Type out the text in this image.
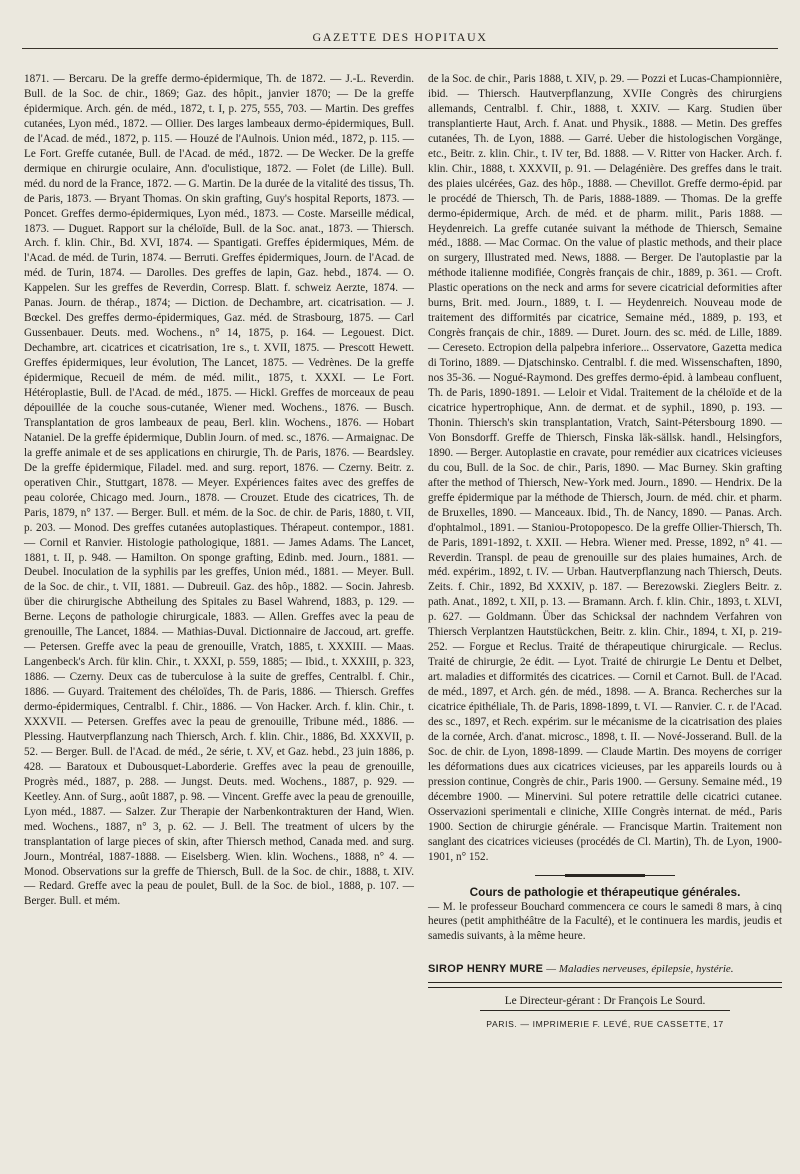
GAZETTE DES HOPITAUX

1871. — Bercaru. De la greffe dermo-épidermique, Th. de 1872. — J.-L. Reverdin. Bull. de la Soc. de chir., 1869; Gaz. des hôpit., janvier 1870; — De la greffe épidermique. Arch. gén. de méd., 1872, t. I, p. 275, 555, 703. — Martin. Des greffes cutanées, Lyon méd., 1872. — Ollier. Des larges lambeaux dermo-épidermiques, Bull. de l'Acad. de méd., 1872, p. 115. — Houzé de l'Aulnois. Union méd., 1872, p. 115. — Le Fort. Greffe cutanée, Bull. de l'Acad. de méd., 1872. — De Wecker. De la greffe dermique en chirurgie oculaire, Ann. d'oculistique, 1872. — Folet (de Lille). Bull. méd. du nord de la France, 1872. — G. Martin. De la durée de la vitalité des tissus, Th. de Paris, 1873. — Bryant Thomas. On skin grafting, Guy's hospital Reports, 1873. — Poncet. Greffes dermo-épidermiques, Lyon méd., 1873. — Coste. Marseille médical, 1873. — Duguet. Rapport sur la chéloïde, Bull. de la Soc. anat., 1873. — Thiersch. Arch. f. klin. Chir., Bd. XVI, 1874. — Spantigati. Greffes épidermiques, Mém. de l'Acad. de méd. de Turin, 1874. — Berruti. Greffes épidermiques, Journ. de l'Acad. de méd. de Turin, 1874. — Darolles. Des greffes de lapin, Gaz. hebd., 1874. — O. Kappelen. Sur les greffes de Reverdin, Corresp. Blatt. f. schweiz Aerzte, 1874. — Panas. Journ. de thérap., 1874; — Diction. de Dechambre, art. cicatrisation. — J. Bœckel. Des greffes dermo-épidermiques, Gaz. méd. de Strasbourg, 1875. — Carl Gussenbauer. Deuts. med. Wochens., n° 14, 1875, p. 164. — Legouest. Dict. Dechambre, art. cicatrices et cicatrisation, 1re s., t. XVII, 1875. — Prescott Hewett. Greffes épidermiques, leur évolution, The Lancet, 1875. — Vedrènes. De la greffe épidermique, Recueil de mém. de méd. milit., 1875, t. XXXI. — Le Fort. Hétéroplastie, Bull. de l'Acad. de méd., 1875. — Hickl. Greffes de morceaux de peau dépouillée de la couche sous-cutanée, Wiener med. Wochens., 1876. — Busch. Transplantation de gros lambeaux de peau, Berl. klin. Wochens., 1876. — Hobart Nataniel. De la greffe épidermique, Dublin Journ. of med. sc., 1876. — Armaignac. De la greffe animale et de ses applications en chirurgie, Th. de Paris, 1876. — Beardsley. De la greffe épidermique, Filadel. med. and surg. report, 1876. — Czerny. Beitr. z. operativen Chir., Stuttgart, 1878. — Meyer. Expériences faites avec des greffes de peau colorée, Chicago med. Journ., 1878. — Crouzet. Etude des cicatrices, Th. de Paris, 1879, n° 137. — Berger. Bull. et mém. de la Soc. de chir. de Paris, 1880, t. VII, p. 203. — Monod. Des greffes cutanées autoplastiques. Thérapeut. contempor., 1881. — Cornil et Ranvier. Histologie pathologique, 1881. — James Adams. The Lancet, 1881, t. II, p. 948. — Hamilton. On sponge grafting, Edinb. med. Journ., 1881. — Deubel. Inoculation de la syphilis par les greffes, Union méd., 1881. — Meyer. Bull. de la Soc. de chir., t. VII, 1881. — Dubreuil. Gaz. des hôp., 1882. — Socin. Jahresb. über die chirurgische Abtheilung des Spitales zu Basel Wahrend, 1883, p. 129. — Berne. Leçons de pathologie chirurgicale, 1883. — Allen. Greffes avec la peau de grenouille, The Lancet, 1884. — Mathias-Duval. Dictionnaire de Jaccoud, art. greffe. — Petersen. Greffe avec la peau de grenouille, Vratch, 1885, t. XXXIII. — Maas. Langenbeck's Arch. für klin. Chir., t. XXXI, p. 559, 1885; — Ibid., t. XXXIII, p. 323, 1886. — Czerny. Deux cas de tuberculose à la suite de greffes, Centralbl. f. Chir., 1886. — Guyard. Traitement des chéloïdes, Th. de Paris, 1886. — Thiersch. Greffes dermo-épidermiques, Centralbl. f. Chir., 1886. — Von Hacker. Arch. f. klin. Chir., t. XXXVII. — Petersen. Greffes avec la peau de grenouille, Tribune méd., 1886. — Plessing. Hautverpflanzung nach Thiersch, Arch. f. klin. Chir., 1886, Bd. XXXVII, p. 52. — Berger. Bull. de l'Acad. de méd., 2e série, t. XV, et Gaz. hebd., 23 juin 1886, p. 428. — Baratoux et Dubousquet-Laborderie. Greffes avec la peau de grenouille, Progrès méd., 1887, p. 288. — Jungst. Deuts. med. Wochens., 1887, p. 929. — Keetley. Ann. of Surg., août 1887, p. 98. — Vincent. Greffe avec la peau de grenouille, Lyon méd., 1887. — Salzer. Zur Therapie der Narbenkontrakturen der Hand, Wien. med. Wochens., 1887, n° 3, p. 62. — J. Bell. The treatment of ulcers by the transplantation of large pieces of skin, after Thiersch method, Canada med. and surg. Journ., Montréal, 1887-1888. — Eiselsberg. Wien. klin. Wochens., 1888, n° 4. — Monod. Observations sur la greffe de Thiersch, Bull. de la Soc. de chir., 1888, t. XIV. — Redard. Greffe avec la peau de poulet, Bull. de la Soc. de biol., 1888, p. 107. — Berger. Bull. et mém.

de la Soc. de chir., Paris 1888, t. XIV, p. 29. — Pozzi et Lucas-Championnière, ibid. — Thiersch. Hautverpflanzung, XVIIe Congrès des chirurgiens allemands, Centralbl. f. Chir., 1888, t. XXIV. — Karg. Studien über transplantierte Haut, Arch. f. Anat. und Physik., 1888. — Metin. Des greffes cutanées, Th. de Lyon, 1888. — Garré. Ueber die histologischen Vorgänge, etc., Beitr. z. klin. Chir., t. IV ter, Bd. 1888. — V. Ritter von Hacker. Arch. f. klin. Chir., 1888, t. XXXVII, p. 91. — Delagénière. Des greffes dans le trait. des plaies ulcérées, Gaz. des hôp., 1888. — Chevillot. Greffe dermo-épid. par le procédé de Thiersch, Th. de Paris, 1888-1889. — Thomas. De la greffe dermo-épidermique, Arch. de méd. et de pharm. milit., Paris 1888. — Heydenreich. La greffe cutanée suivant la méthode de Thiersch, Semaine méd., 1888. — Mac Cormac. On the value of plastic methods, and their place on surgery, Illustrated med. News, 1888. — Berger. De l'autoplastie par la méthode italienne modifiée, Congrès français de chir., 1889, p. 361. — Croft. Plastic operations on the neck and arms for severe cicatricial deformities after burns, Brit. med. Journ., 1889, t. I. — Heydenreich. Nouveau mode de traitement des difformités par cicatrice, Semaine méd., 1889, p. 193, et Congrès français de chir., 1889. — Duret. Journ. des sc. méd. de Lille, 1889. — Cereseto. Ectropion della palpebra inferiore... Osservatore, Gazetta medica di Torino, 1889. — Djatschinsko. Centralbl. f. die med. Wissenschaften, 1890, nos 35-36. — Nogué-Raymond. Des greffes dermo-épid. à lambeau confluent, Th. de Paris, 1890-1891. — Leloir et Vidal. Traitement de la chéloïde et de la cicatrice hypertrophique, Ann. de dermat. et de syphil., 1890, p. 193. — Thonin. Thiersch's skin transplantation, Vratch, Saint-Pétersbourg 1890. — Von Bonsdorff. Greffe de Thiersch, Finska läk-sällsk. handl., Helsingfors, 1890. — Berger. Autoplastie en cravate, pour remédier aux cicatrices vicieuses du cou, Bull. de la Soc. de chir., Paris, 1890. — Mac Burney. Skin grafting after the method of Thiersch, New-York med. Journ., 1890. — Hendrix. De la greffe épidermique par la méthode de Thiersch, Journ. de méd. chir. et pharm. de Bruxelles, 1890. — Manceaux. Ibid., Th. de Nancy, 1890. — Panas. Arch. d'ophtalmol., 1891. — Staniou-Protopopesco. De la greffe Ollier-Thiersch, Th. de Paris, 1891-1892, t. XXII. — Hebra. Wiener med. Presse, 1892, n° 41. — Reverdin. Transpl. de peau de grenouille sur des plaies humaines, Arch. de méd. expérim., 1892, t. IV. — Urban. Hautverpflanzung nach Thiersch, Deuts. Zeits. f. Chir., 1892, Bd XXXIV, p. 187. — Berezowski. Zieglers Beitr. z. path. Anat., 1892, t. XII, p. 13. — Bramann. Arch. f. klin. Chir., 1893, t. XLVI, p. 627. — Goldmann. Über das Schicksal der nachndem Verfahren von Thiersch Verplantzen Hautstückchen, Beitr. z. klin. Chir., 1894, t. XI, p. 219-252. — Forgue et Reclus. Traité de thérapeutique chirurgicale. — Reclus. Traité de chirurgie, 2e édit. — Lyot. Traité de chirurgie Le Dentu et Delbet, art. maladies et difformités des cicatrices. — Cornil et Carnot. Bull. de l'Acad. de méd., 1897, et Arch. gén. de méd., 1898. — A. Branca. Recherches sur la cicatrice épithéliale, Th. de Paris, 1898-1899, t. VI. — Ranvier. C. r. de l'Acad. des sc., 1897, et Rech. expérim. sur le mécanisme de la cicatrisation des plaies de la cornée, Arch. d'anat. microsc., 1898, t. II. — Nové-Josserand. Bull. de la Soc. de chir. de Lyon, 1898-1899. — Claude Martin. Des moyens de corriger les déformations dues aux cicatrices vicieuses, par les appareils lourds ou à pression continue, Congrès de chir., Paris 1900. — Gersuny. Semaine méd., 19 décembre 1900. — Minervini. Sul potere retrattile delle cicatrici cutanee. Osservazioni sperimentali e cliniche, XIIIe Congrès internat. de méd., Paris 1900. Section de chirurgie générale. — Francisque Martin. Traitement non sanglant des cicatrices vicieuses (procédés de Cl. Martin), Th. de Lyon, 1900-1901, n° 152.

Cours de pathologie et thérapeutique générales.

— M. le professeur Bouchard commencera ce cours le samedi 8 mars, à cinq heures (petit amphithéâtre de la Faculté), et le continuera les mardis, jeudis et samedis suivants, à la même heure.

SIROP HENRY MURE — Maladies nerveuses, épilepsie, hystérie.
Le Directeur-gérant : Dr François Le Sourd.
PARIS. — IMPRIMERIE F. LEVÉ, RUE CASSETTE, 17
